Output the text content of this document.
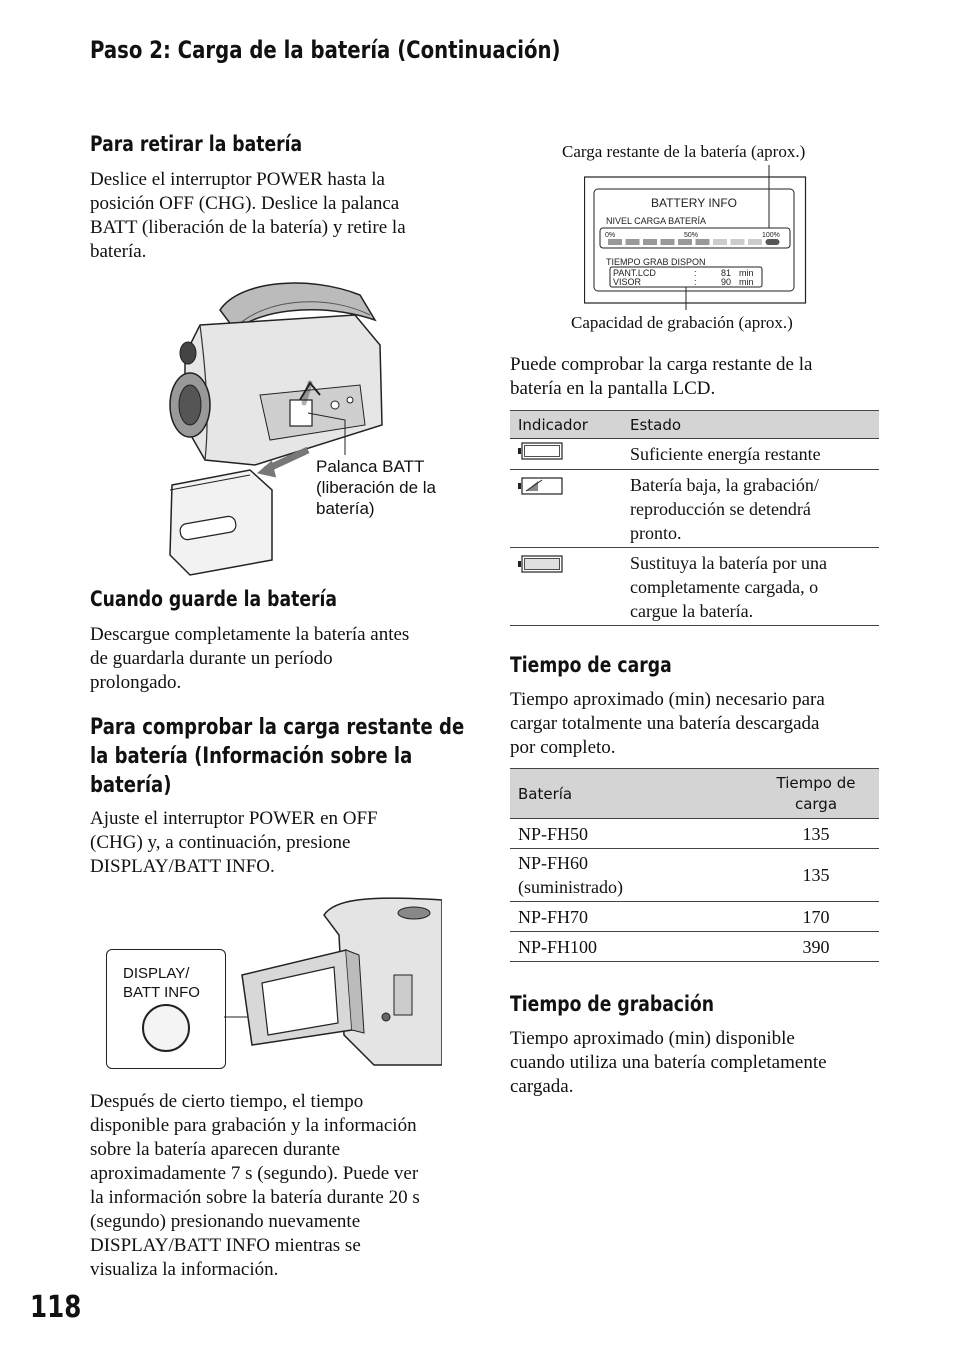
Paso 2: Carga de la batería (Continuación)
Para retirar la batería
Deslice el interruptor POWER hasta la
posición OFF (CHG). Deslice la palanca
BATT (liberación de la batería) y retire la
batería.
Palanca BATT
(liberación de la
batería)
Cuando guarde la batería
Descargue completamente la batería antes
de guardarla durante un período
prolongado.
Para comprobar la carga restante de
la batería (Información sobre la
batería)
Ajuste el interruptor POWER en OFF
(CHG) y, a continuación, presione
DISPLAY/BATT INFO.
DISPLAY/
BATT INFO
Después de cierto tiempo, el tiempo
disponible para grabación y la información
sobre la batería aparecen durante
aproximadamente 7 s (segundo). Puede ver
la información sobre la batería durante 20 s
(segundo) presionando nuevamente
DISPLAY/BATT INFO mientras se
visualiza la información.
118
Carga restante de la batería (aprox.)
BATTERY INFO
NIVEL CARGA BATERÍA
0%	50%	100%
TIEMPO GRAB DISPON
PANT.LCD	:	81 min
VISOR	:	90 min
Capacidad de grabación (aprox.)
Puede comprobar la carga restante de la
batería en la pantalla LCD.
Indicador	Estado

Suficiente energía restante

Batería baja, la grabación/
reproducción se detendrá
pronto.

Sustituya la batería por una
completamente cargada, o
cargue la batería.
Tiempo de carga
Tiempo aproximado (min) necesario para
cargar totalmente una batería descargada
por completo.
Batería	Tiempo de
carga

NP-FH50	135

NP-FH60
(suministrado)	135

NP-FH70	170

NP-FH100	390
Tiempo de grabación
Tiempo aproximado (min) disponible
cuando utiliza una batería completamente
cargada.
